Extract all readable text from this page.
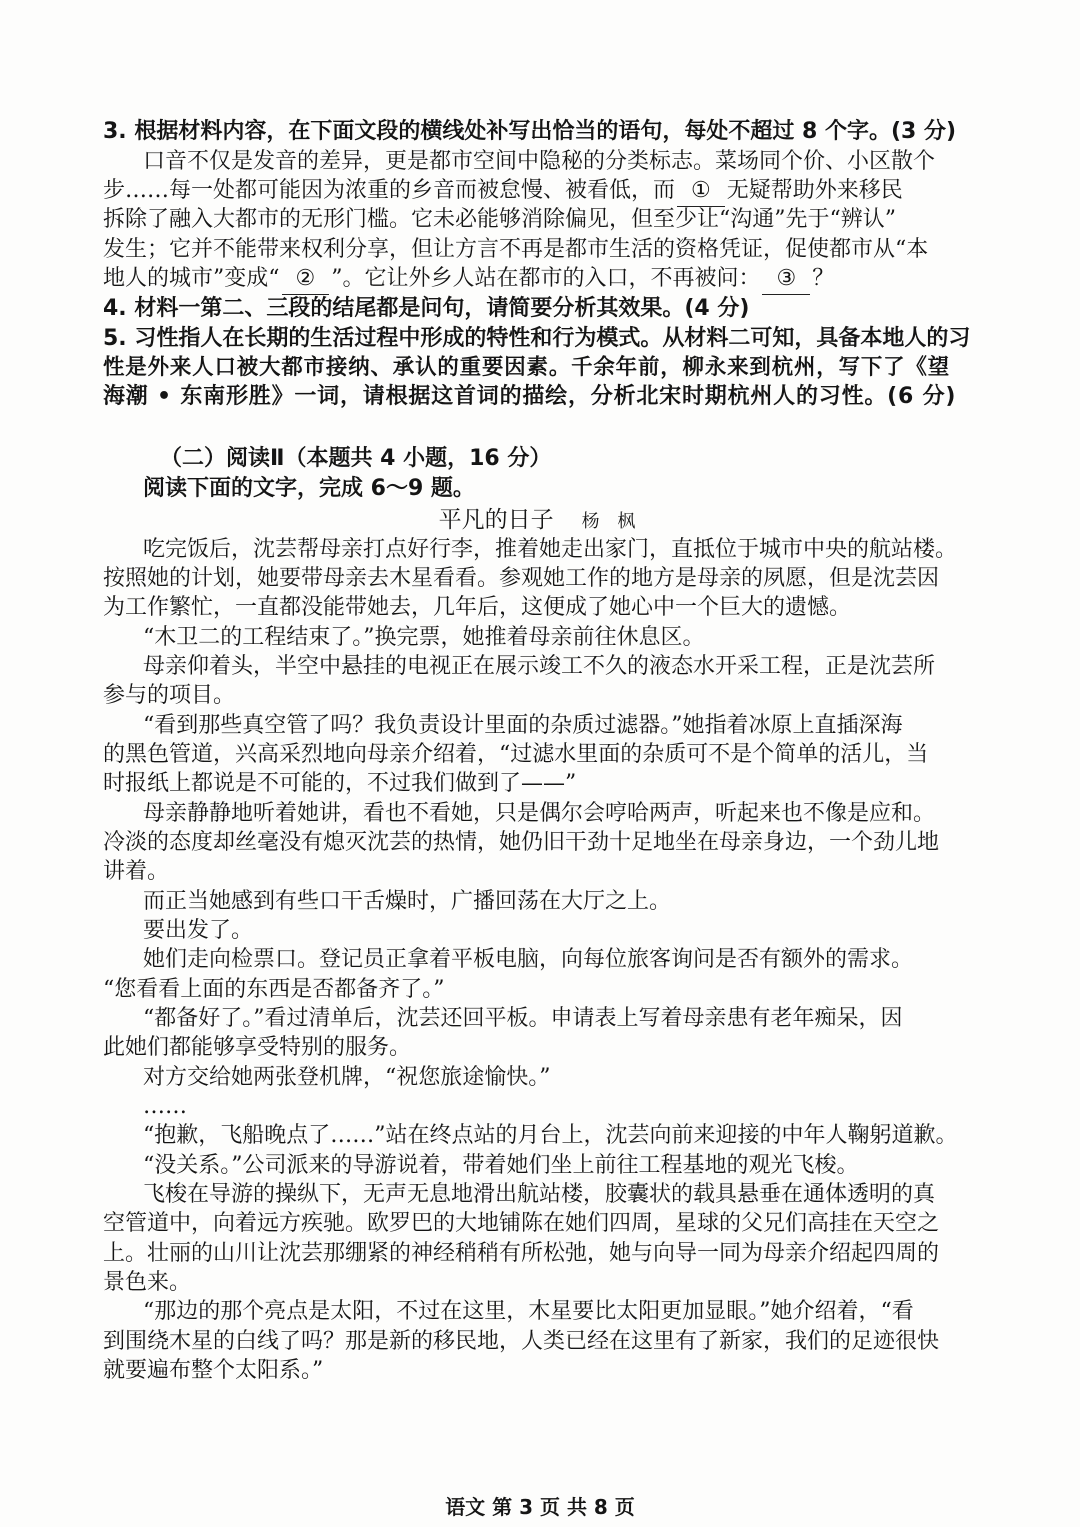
3. 根据材料内容，在下面文段的横线处补写出恰当的语句，每处不超过 8 个字。(3 分)

口音不仅是发音的差异，更是都市空间中隐秘的分类标志。菜场同个价、小区散个

步……每一处都可能因为浓重的乡音而被怠慢、被看低，而 ① 无疑帮助外来移民

拆除了融入大都市的无形门槛。它未必能够消除偏见，但至少让“沟通”先于“辨认”

发生；它并不能带来权利分享，但让方言不再是都市生活的资格凭证，促使都市从“本

地人的城市”变成“ ② ”。它让外乡人站在都市的入口，不再被问： ③ ？

4. 材料一第二、三段的结尾都是问句，请简要分析其效果。(4 分)

5. 习性指人在长期的生活过程中形成的特性和行为模式。从材料二可知，具备本地人的习

性是外来人口被大都市接纳、承认的重要因素。千余年前，柳永来到杭州，写下了《望

海潮 • 东南形胜》一词，请根据这首词的描绘，分析北宋时期杭州人的习性。(6 分)

（二）阅读Ⅱ（本题共 4 小题，16 分）

阅读下面的文字，完成 6～9 题。

平凡的日子 杨 枫

吃完饭后，沈芸帮母亲打点好行李，推着她走出家门，直抵位于城市中央的航站楼。

按照她的计划，她要带母亲去木星看看。参观她工作的地方是母亲的夙愿，但是沈芸因

为工作繁忙，一直都没能带她去，几年后，这便成了她心中一个巨大的遗憾。

“木卫二的工程结束了。”换完票，她推着母亲前往休息区。

母亲仰着头，半空中悬挂的电视正在展示竣工不久的液态水开采工程，正是沈芸所

参与的项目。

“看到那些真空管了吗？我负责设计里面的杂质过滤器。”她指着冰原上直插深海

的黑色管道，兴高采烈地向母亲介绍着，“过滤水里面的杂质可不是个简单的活儿，当

时报纸上都说是不可能的，不过我们做到了——”

母亲静静地听着她讲，看也不看她，只是偶尔会哼哈两声，听起来也不像是应和。

冷淡的态度却丝毫没有熄灭沈芸的热情，她仍旧干劲十足地坐在母亲身边，一个劲儿地

讲着。

而正当她感到有些口干舌燥时，广播回荡在大厅之上。

要出发了。

她们走向检票口。登记员正拿着平板电脑，向每位旅客询问是否有额外的需求。

“您看看上面的东西是否都备齐了。”

“都备好了。”看过清单后，沈芸还回平板。申请表上写着母亲患有老年痴呆，因

此她们都能够享受特别的服务。

对方交给她两张登机牌，“祝您旅途愉快。”

……

“抱歉，飞船晚点了……”站在终点站的月台上，沈芸向前来迎接的中年人鞠躬道歉。

“没关系。”公司派来的导游说着，带着她们坐上前往工程基地的观光飞梭。

飞梭在导游的操纵下，无声无息地滑出航站楼，胶囊状的载具悬垂在通体透明的真

空管道中，向着远方疾驰。欧罗巴的大地铺陈在她们四周，星球的父兄们高挂在天空之

上。壮丽的山川让沈芸那绷紧的神经稍稍有所松弛，她与向导一同为母亲介绍起四周的

景色来。

“那边的那个亮点是太阳，不过在这里，木星要比太阳更加显眼。”她介绍着，“看

到围绕木星的白线了吗？那是新的移民地，人类已经在这里有了新家，我们的足迹很快

就要遍布整个太阳系。”

语文 第 3 页 共 8 页
